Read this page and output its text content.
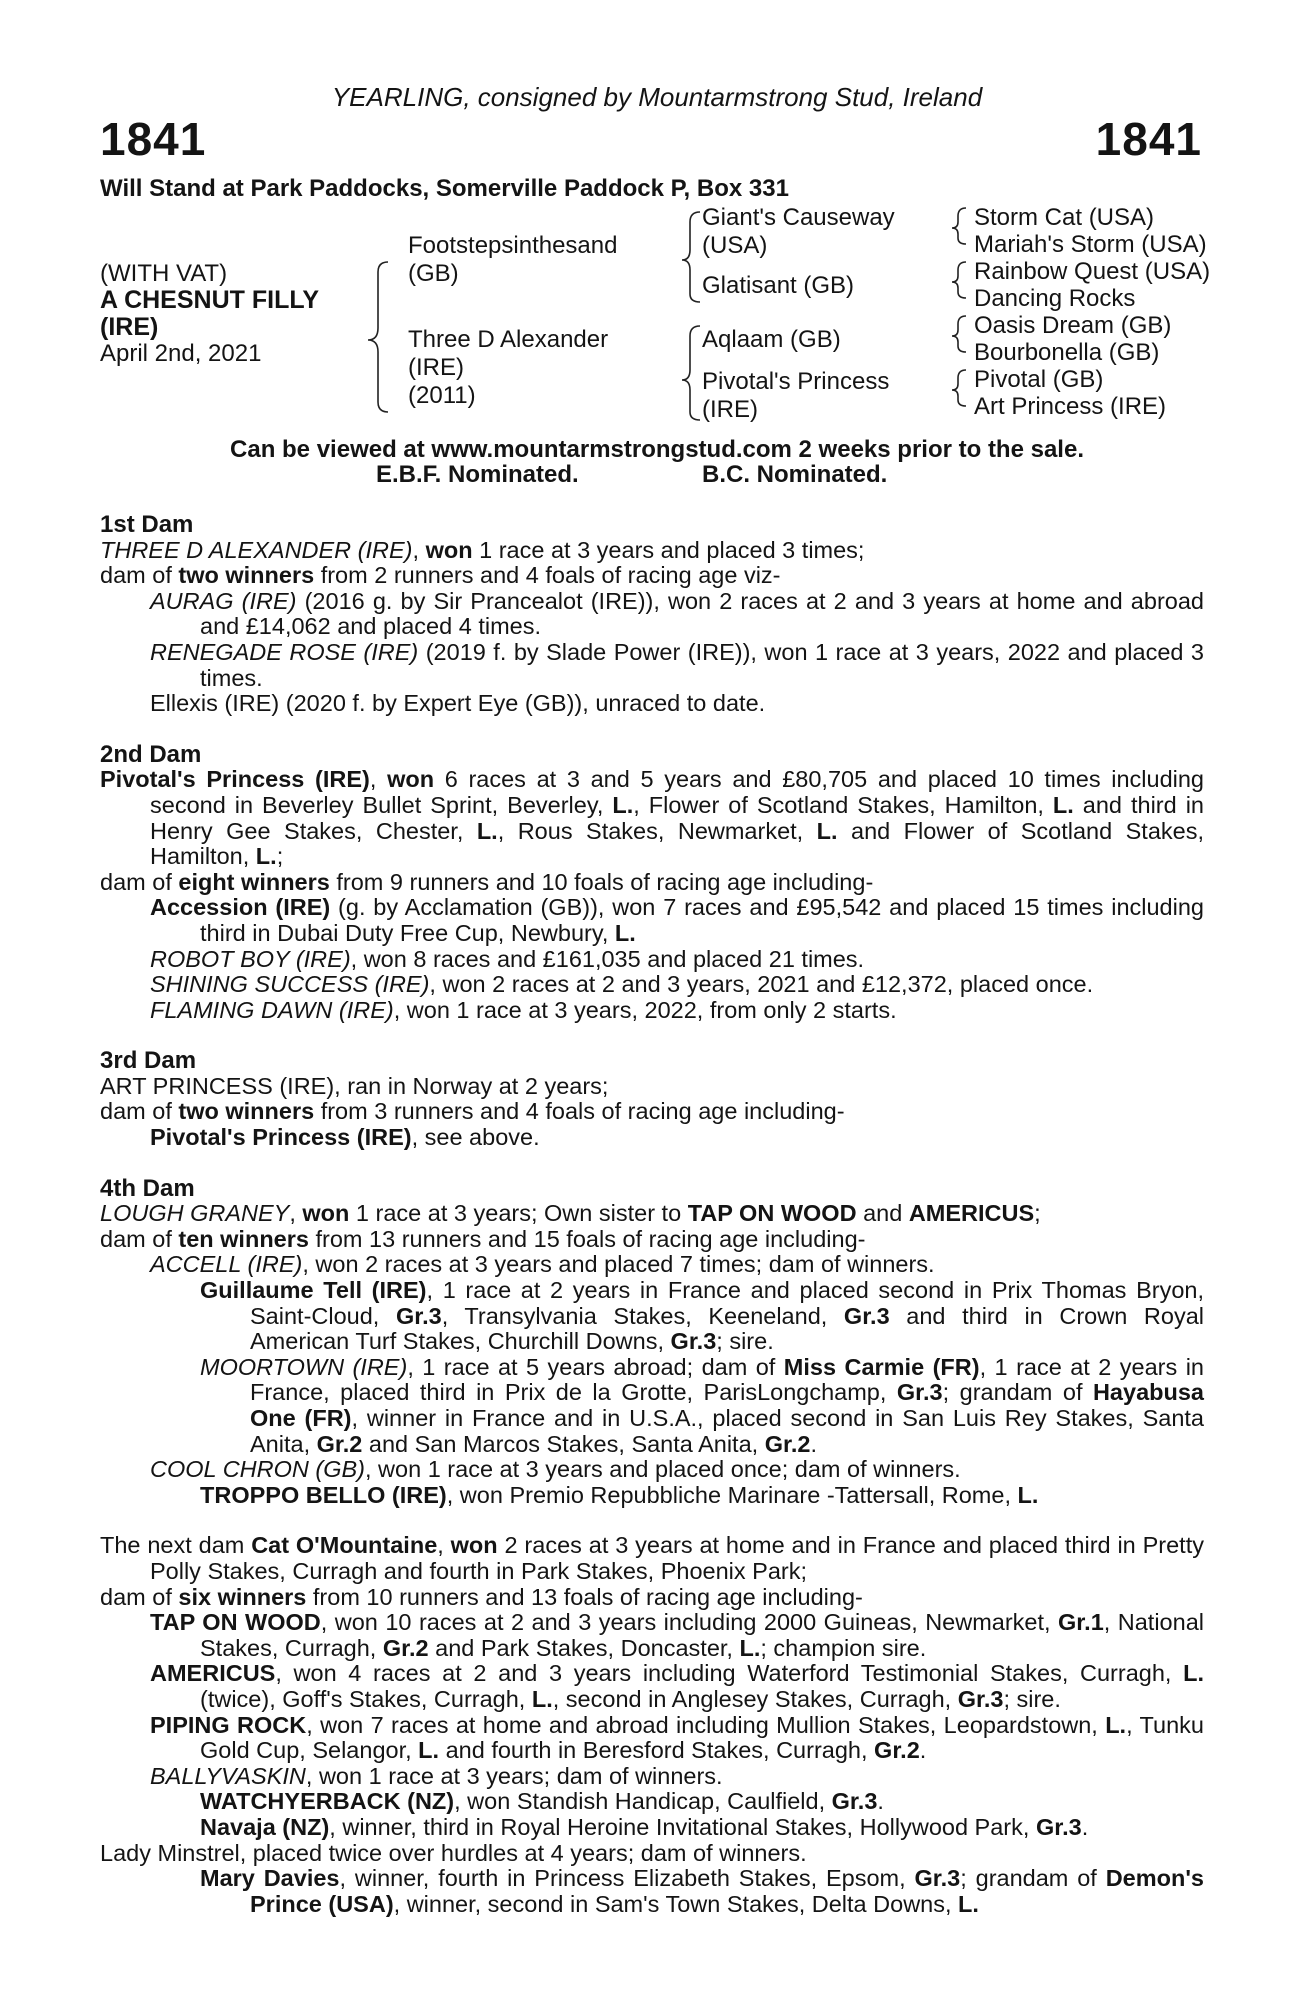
YEARLING, consigned by Mountarmstrong Stud, Ireland
1841	1841
Will Stand at Park Paddocks, Somerville Paddock P, Box 331
(WITH VAT)
A CHESNUT FILLY
(IRE)
April 2nd, 2021
Footstepsinthesand
(GB)
Three D Alexander
(IRE)
(2011)
Giant's Causeway
(USA)
Glatisant (GB)
Aqlaam (GB)
Pivotal's Princess
(IRE)
Storm Cat (USA)
Mariah's Storm (USA)
Rainbow Quest (USA)
Dancing Rocks
Oasis Dream (GB)
Bourbonella (GB)
Pivotal (GB)
Art Princess (IRE)
Can be viewed at www.mountarmstrongstud.com 2 weeks prior to the sale.
E.B.F. Nominated.	B.C. Nominated.

1st Dam

THREE D ALEXANDER (IRE), won 1 race at 3 years and placed 3 times;

dam of two winners from 2 runners and 4 foals of racing age viz-

AURAG (IRE) (2016 g. by Sir Prancealot (IRE)), won 2 races at 2 and 3 years at home and abroad and £14,062 and placed 4 times.

RENEGADE ROSE (IRE) (2019 f. by Slade Power (IRE)), won 1 race at 3 years, 2022 and placed 3 times.

Ellexis (IRE) (2020 f. by Expert Eye (GB)), unraced to date.

2nd Dam

Pivotal's Princess (IRE), won 6 races at 3 and 5 years and £80,705 and placed 10 times including second in Beverley Bullet Sprint, Beverley, L., Flower of Scotland Stakes, Hamilton, L. and third in Henry Gee Stakes, Chester, L., Rous Stakes, Newmarket, L. and Flower of Scotland Stakes, Hamilton, L.;

dam of eight winners from 9 runners and 10 foals of racing age including-

Accession (IRE) (g. by Acclamation (GB)), won 7 races and £95,542 and placed 15 times including third in Dubai Duty Free Cup, Newbury, L.

ROBOT BOY (IRE), won 8 races and £161,035 and placed 21 times.

SHINING SUCCESS (IRE), won 2 races at 2 and 3 years, 2021 and £12,372, placed once.

FLAMING DAWN (IRE), won 1 race at 3 years, 2022, from only 2 starts.

3rd Dam

ART PRINCESS (IRE), ran in Norway at 2 years;

dam of two winners from 3 runners and 4 foals of racing age including-

Pivotal's Princess (IRE), see above.

4th Dam

LOUGH GRANEY, won 1 race at 3 years; Own sister to TAP ON WOOD and AMERICUS;

dam of ten winners from 13 runners and 15 foals of racing age including-

ACCELL (IRE), won 2 races at 3 years and placed 7 times; dam of winners.

Guillaume Tell (IRE), 1 race at 2 years in France and placed second in Prix Thomas Bryon, Saint-Cloud, Gr.3, Transylvania Stakes, Keeneland, Gr.3 and third in Crown Royal American Turf Stakes, Churchill Downs, Gr.3; sire.

MOORTOWN (IRE), 1 race at 5 years abroad; dam of Miss Carmie (FR), 1 race at 2 years in France, placed third in Prix de la Grotte, ParisLongchamp, Gr.3; grandam of Hayabusa One (FR), winner in France and in U.S.A., placed second in San Luis Rey Stakes, Santa Anita, Gr.2 and San Marcos Stakes, Santa Anita, Gr.2.

COOL CHRON (GB), won 1 race at 3 years and placed once; dam of winners.

TROPPO BELLO (IRE), won Premio Repubbliche Marinare -Tattersall, Rome, L.

The next dam Cat O'Mountaine, won 2 races at 3 years at home and in France and placed third in Pretty Polly Stakes, Curragh and fourth in Park Stakes, Phoenix Park;

dam of six winners from 10 runners and 13 foals of racing age including-

TAP ON WOOD, won 10 races at 2 and 3 years including 2000 Guineas, Newmarket, Gr.1, National Stakes, Curragh, Gr.2 and Park Stakes, Doncaster, L.; champion sire.

AMERICUS, won 4 races at 2 and 3 years including Waterford Testimonial Stakes, Curragh, L. (twice), Goff's Stakes, Curragh, L., second in Anglesey Stakes, Curragh, Gr.3; sire.

PIPING ROCK, won 7 races at home and abroad including Mullion Stakes, Leopardstown, L., Tunku Gold Cup, Selangor, L. and fourth in Beresford Stakes, Curragh, Gr.2.

BALLYVASKIN, won 1 race at 3 years; dam of winners.

WATCHYERBACK (NZ), won Standish Handicap, Caulfield, Gr.3.

Navaja (NZ), winner, third in Royal Heroine Invitational Stakes, Hollywood Park, Gr.3.

Lady Minstrel, placed twice over hurdles at 4 years; dam of winners.

Mary Davies, winner, fourth in Princess Elizabeth Stakes, Epsom, Gr.3; grandam of Demon's Prince (USA), winner, second in Sam's Town Stakes, Delta Downs, L.
